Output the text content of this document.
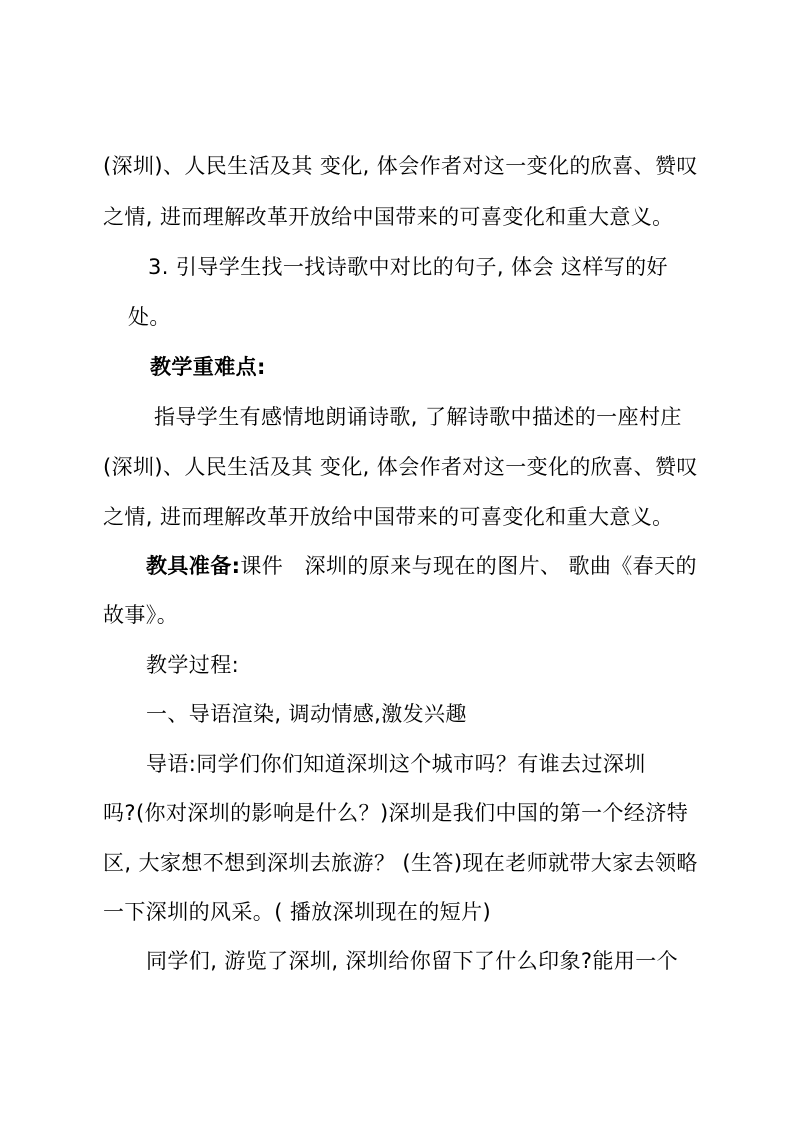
(深圳)、人民生活及其 变化, 体会作者对这一变化的欣喜、赞叹
之情, 进而理解改革开放给中国带来的可喜变化和重大意义。
3. 引导学生找一找诗歌中对比的句子, 体会 这样写的好
处。
教学重难点:
指导学生有感情地朗诵诗歌, 了解诗歌中描述的一座村庄
(深圳)、人民生活及其 变化, 体会作者对这一变化的欣喜、赞叹
之情, 进而理解改革开放给中国带来的可喜变化和重大意义。
教具准备:课件　深圳的原来与现在的图片、 歌曲《春天的
故事》。
教学过程:
一、导语渲染, 调动情感,激发兴趣
导语:同学们你们知道深圳这个城市吗？有谁去过深圳
吗?(你对深圳的影响是什么？)深圳是我们中国的第一个经济特
区, 大家想不想到深圳去旅游？ (生答)现在老师就带大家去领略
一下深圳的风采。( 播放深圳现在的短片)
同学们, 游览了深圳, 深圳给你留下了什么印象?能用一个
